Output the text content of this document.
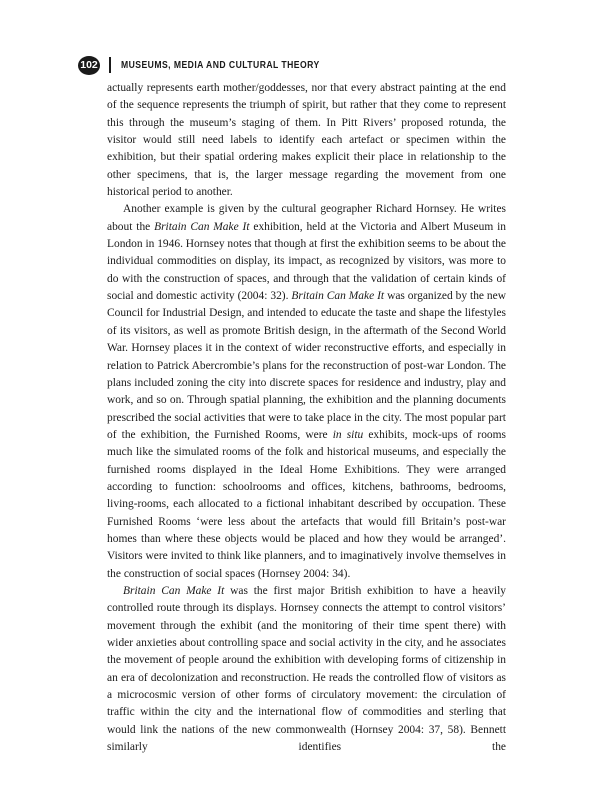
102 MUSEUMS, MEDIA AND CULTURAL THEORY

actually represents earth mother/goddesses, nor that every abstract painting at the end of the sequence represents the triumph of spirit, but rather that they come to represent this through the museum’s staging of them. In Pitt Rivers’ proposed rotunda, the visitor would still need labels to identify each artefact or specimen within the exhibition, but their spatial ordering makes explicit their place in relationship to the other specimens, that is, the larger message regarding the movement from one historical period to another.

Another example is given by the cultural geographer Richard Hornsey. He writes about the Britain Can Make It exhibition, held at the Victoria and Albert Museum in London in 1946. Hornsey notes that though at first the exhibition seems to be about the individual commodities on display, its impact, as recognized by visitors, was more to do with the construction of spaces, and through that the validation of certain kinds of social and domestic activity (2004: 32). Britain Can Make It was organized by the new Council for Industrial Design, and intended to educate the taste and shape the lifestyles of its visitors, as well as promote British design, in the aftermath of the Second World War. Hornsey places it in the context of wider reconstructive efforts, and especially in relation to Patrick Abercrombie’s plans for the reconstruction of post-war London. The plans included zoning the city into discrete spaces for residence and industry, play and work, and so on. Through spatial planning, the exhibition and the planning documents prescribed the social activities that were to take place in the city. The most popular part of the exhibition, the Furnished Rooms, were in situ exhibits, mock-ups of rooms much like the simulated rooms of the folk and historical museums, and especially the furnished rooms displayed in the Ideal Home Exhibitions. They were arranged according to function: schoolrooms and offices, kitchens, bathrooms, bedrooms, living-rooms, each allocated to a fictional inhabitant described by occupation. These Furnished Rooms ‘were less about the artefacts that would fill Britain’s post-war homes than where these objects would be placed and how they would be arranged’. Visitors were invited to think like planners, and to imaginatively involve themselves in the construction of social spaces (Hornsey 2004: 34).

Britain Can Make It was the first major British exhibition to have a heavily controlled route through its displays. Hornsey connects the attempt to control visitors’ movement through the exhibit (and the monitoring of their time spent there) with wider anxieties about controlling space and social activity in the city, and he associates the movement of people around the exhibition with developing forms of citizenship in an era of decolonization and reconstruction. He reads the controlled flow of visitors as a microcosmic version of other forms of circulatory movement: the circulation of traffic within the city and the international flow of commodities and sterling that would link the nations of the new commonwealth (Hornsey 2004: 37, 58). Bennett similarly identifies the
